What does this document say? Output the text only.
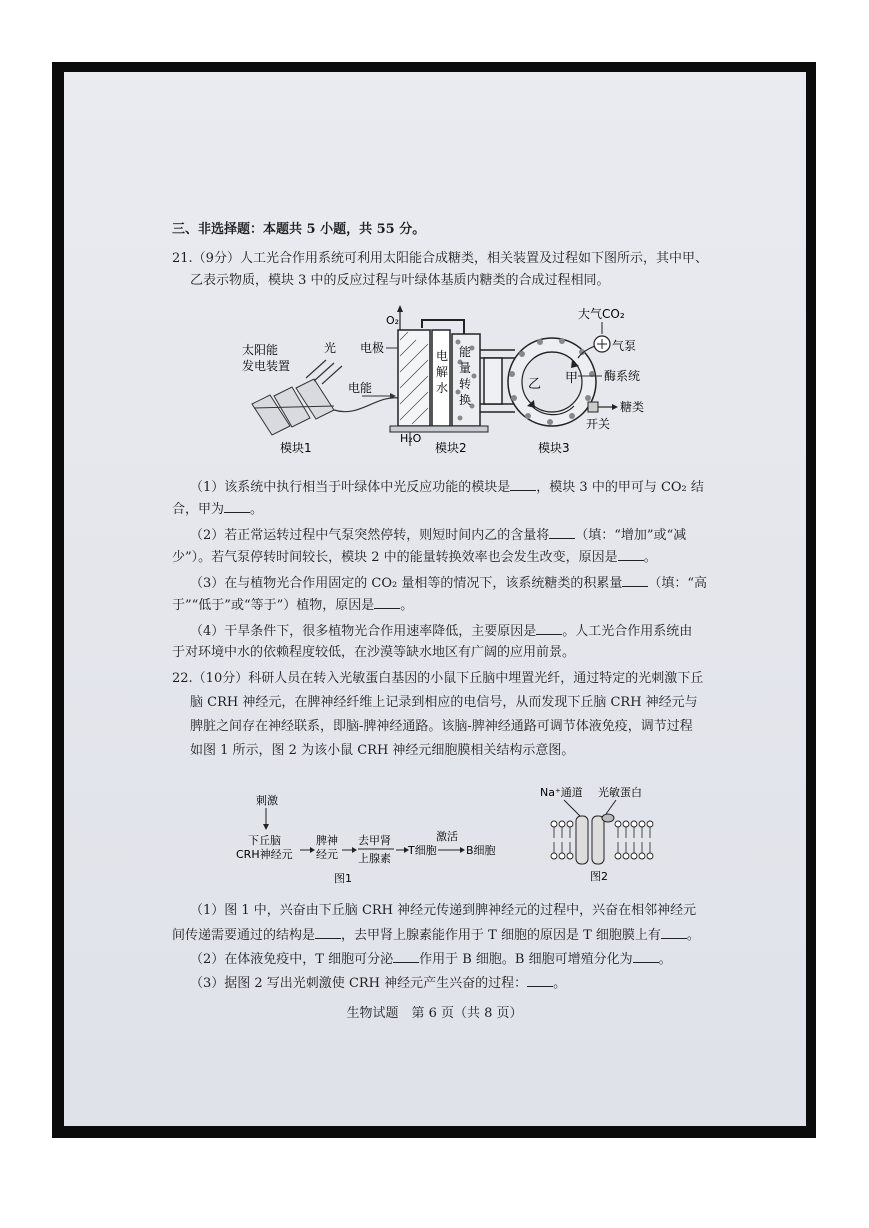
三、非选择题：本题共 5 小题，共 55 分。
21.（9分）人工光合作用系统可利用太阳能合成糖类，相关装置及过程如下图所示，其中甲、
乙表示物质，模块 3 中的反应过程与叶绿体基质内糖类的合成过程相同。
太阳能
发电装置
光
电能
O₂
电极
电
解
水
能
量
转
换
H₂O
乙 甲
大气CO₂
气泵
酶系统
糖类
开关
模块1	模块2	模块3
（1）该系统中执行相当于叶绿体中光反应功能的模块是 ，模块 3 中的甲可与 CO₂ 结
合，甲为 。
（2）若正常运转过程中气泵突然停转，则短时间内乙的含量将 （填：“增加”或“减
少”）。若气泵停转时间较长，模块 2 中的能量转换效率也会发生改变，原因是 。
（3）在与植物光合作用固定的 CO₂ 量相等的情况下，该系统糖类的积累量 （填：“高
于”“低于”或“等于”）植物，原因是 。
（4）干旱条件下，很多植物光合作用速率降低，主要原因是 。人工光合作用系统由
于对环境中水的依赖程度较低，在沙漠等缺水地区有广阔的应用前景。
22.（10分）科研人员在转入光敏蛋白基因的小鼠下丘脑中埋置光纤，通过特定的光刺激下丘
脑 CRH 神经元，在脾神经纤维上记录到相应的电信号，从而发现下丘脑 CRH 神经元与
脾脏之间存在神经联系，即脑-脾神经通路。该脑-脾神经通路可调节体液免疫，调节过程
如图 1 所示，图 2 为该小鼠 CRH 神经元细胞膜相关结构示意图。
刺激
下丘脑
CRH神经元
脾神
经元
去甲肾
上腺素
T细胞
激活
B细胞
图1
Na⁺通道 光敏蛋白
图2
（1）图 1 中，兴奋由下丘脑 CRH 神经元传递到脾神经元的过程中，兴奋在相邻神经元
间传递需要通过的结构是 ，去甲肾上腺素能作用于 T 细胞的原因是 T 细胞膜上有 。
（2）在体液免疫中，T 细胞可分泌 作用于 B 细胞。B 细胞可增殖分化为 。
（3）据图 2 写出光刺激使 CRH 神经元产生兴奋的过程： 。
生物试题　第 6 页（共 8 页）
